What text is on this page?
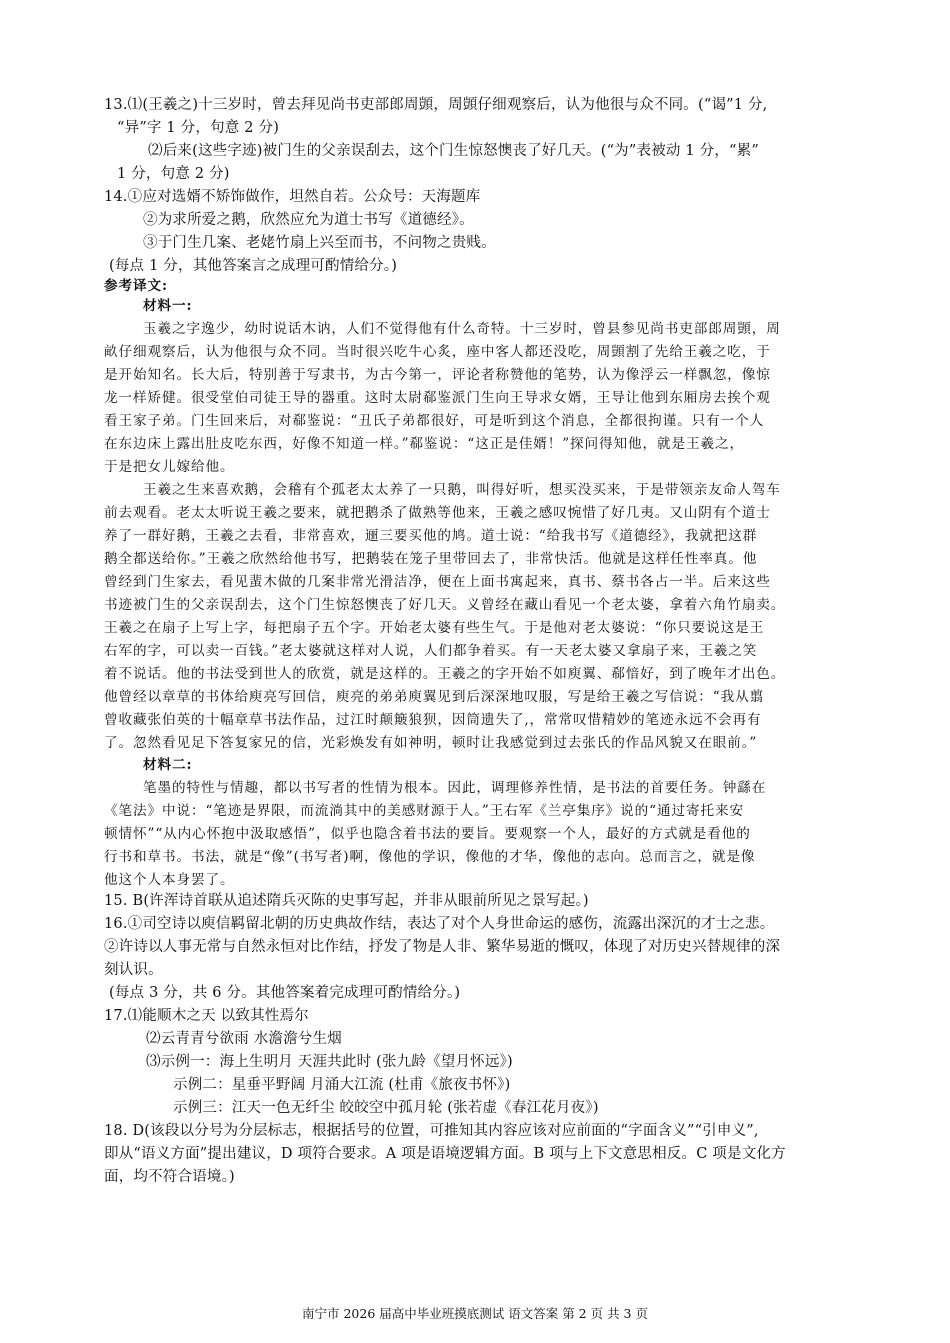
13.⑴(王羲之)十三岁时，曾去拜见尚书吏部郎周顗，周顗仔细观察后，认为他很与众不同。(“谒”1 分,
“异”字 1 分，句意 2 分)
⑵后来(这些字迹)被门生的父亲误刮去，这个门生惊怒懊丧了好几天。(“为”表被动 1 分，“累”
1 分，句意 2 分)
14.①应对选婿不矫饰做作，坦然自若。公众号：天海题库
②为求所爱之鹅，欣然应允为道士书写《道德经》。
③于门生几案、老姥竹扇上兴至而书，不问物之贵贱。
(每点 1 分，其他答案言之成理可酌情给分。)
参考译文:
材料一:
玉羲之字逸少，幼时说话木讷，人们不觉得他有什么奇特。十三岁时，曾县参见尚书吏部郎周顗，周
畝仔细观察后，认为他很与众不同。当时很兴吃牛心炙，座中客人都还没吃，周顗割了先给王羲之吃，于
是开始知名。长大后，特别善于写隶书，为古今第一，评论者称赞他的笔势，认为像浮云一样飘忽，像惊
龙一样矫健。很受堂伯司徒王导的器重。这时太尉郗鉴派门生向王导求女婿，王导让他到东厢房去挨个观
看王家子弟。门生回来后，对郗鉴说：“丑氏子弟都很好，可是听到这个消息，全都很拘谨。只有一个人
在东边床上露出肚皮吃东西，好像不知道一样。”郗鉴说：“这正是佳婿！”探问得知他，就是王羲之，
于是把女儿嫁给他。
王羲之生来喜欢鹅，会稽有个孤老太太养了一只鹅，叫得好听，想买没买来，于是带领亲友命人驾车
前去观看。老太太听说王羲之要来，就把鹅杀了做熟等他来，王羲之感叹惋惜了好几夷。又山阴有个道士
养了一群好鹅，王羲之去看，非常喜欢，逦三要买他的鸠。道士说：“给我书写《道德经》，我就把这群
鹅全都送给你。”王羲之欣然给他书写，把鹅装在笼子里带回去了，非常快活。他就是这样任性率真。他
曾经到门生家去，看见蜚木做的几案非常光滑洁净，便在上面书寓起来，真书、蔡书各占一半。后来这些
书迹被门生的父亲误刮去，这个门生惊怒懊丧了好几天。义曾经在藏山看见一个老太婆，拿着六角竹扇卖。
王羲之在扇子上写上字，每把扇子五个字。开始老太婆有些生气。于是他对老太婆说：“你只要说这是王
右军的字，可以卖一百钱。”老太婆就这样对人说，人们都争着买。有一天老太婆又拿扇子来，王羲之笑
着不说话。他的书法受到世人的欣赏，就是这样的。王羲之的字开始不如庾翼、郗愔好，到了晚年才出色。
他曾经以章草的书体给庾亮写回信，庾亮的弟弟庾翼见到后深深地叹服，写是给王羲之写信说：“我从翦
曾收藏张伯英的十幅章草书法作品，过江时颠簸狼狈，因筒遗失了,，常常叹惜精妙的笔迹永远不会再有
了。忽然看见足下答复家兄的信，光彩焕发有如神明，顿时让我感觉到过去张氏的作品风貌又在眼前。”
材料二:
笔墨的特性与情趣，都以书写者的性情为根本。因此，调理修养性情，是书法的首要任务。钟繇在
《笔法》中说：“笔迹是界限，而流淌其中的美感财源于人。”王右军《兰亭集序》说的“通过寄托来安
顿情怀”“从内心怀抱中汲取感悟”，似乎也隐含着书法的要旨。要观察一个人，最好的方式就是看他的
行书和草书。书法，就是“像”(书写者)啊，像他的学识，像他的才华，像他的志向。总而言之，就是像
他这个人本身罢了。
15. B(许浑诗首联从追述隋兵灭陈的史事写起，并非从眼前所见之景写起。)
16.①司空诗以庾信羁留北朝的历史典故作结，表达了对个人身世命运的感伤，流露出深沉的才士之悲。
②许诗以人事无常与自然永恒对比作结，抒发了物是人非、繁华易逝的慨叹，体现了对历史兴替规律的深
刻认识。
(每点 3 分，共 6 分。其他答案着完成理可酌情给分。)
17.⑴能顺木之天 以致其性焉尔
⑵云青青兮欲雨 水澹澹兮生烟
⑶示例一：海上生明月 天涯共此时 (张九龄《望月怀远》)
示例二：星垂平野阔 月涌大江流 (杜甫《旅夜书怀》)
示例三：江天一色无纤尘 皎皎空中孤月轮 (张若虚《春江花月夜》)
18. D(该段以分号为分层标志，根据括号的位置，可推知其内容应该对应前面的“字面含义”“引申义”,
即从“语义方面”提出建议，D 项符合要求。A 项是语境逻辑方面。B 项与上下文意思相反。C 项是文化方
面，均不符合语境。)
南宁市 2026 届高中毕业班摸底测试 语文答案 第 2 页 共 3 页
